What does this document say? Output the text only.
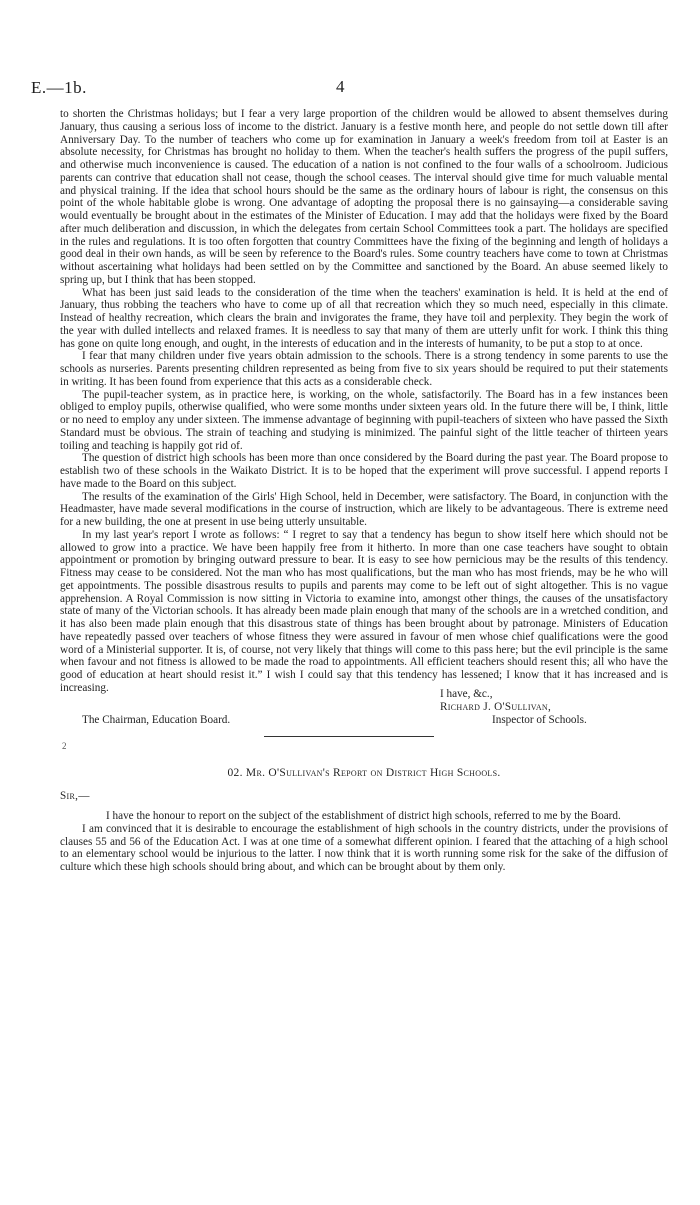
E.—1b.	4

to shorten the Christmas holidays; but I fear a very large proportion of the children would be allowed to absent themselves during January, thus causing a serious loss of income to the district. January is a festive month here, and people do not settle down till after Anniversary Day. To the number of teachers who come up for examination in January a week's freedom from toil at Easter is an absolute necessity, for Christmas has brought no holiday to them. When the teacher's health suffers the progress of the pupil suffers, and otherwise much inconvenience is caused. The education of a nation is not confined to the four walls of a schoolroom. Judicious parents can contrive that education shall not cease, though the school ceases. The interval should give time for much valuable mental and physical training. If the idea that school hours should be the same as the ordinary hours of labour is right, the consensus on this point of the whole habitable globe is wrong. One advantage of adopting the proposal there is no gainsaying—a considerable saving would eventually be brought about in the estimates of the Minister of Education. I may add that the holidays were fixed by the Board after much deliberation and discussion, in which the delegates from certain School Committees took a part. The holidays are specified in the rules and regulations. It is too often forgotten that country Committees have the fixing of the beginning and length of holidays a good deal in their own hands, as will be seen by reference to the Board's rules. Some country teachers have come to town at Christmas without ascertaining what holidays had been settled on by the Committee and sanctioned by the Board. An abuse seemed likely to spring up, but I think that has been stopped.

What has been just said leads to the consideration of the time when the teachers' examination is held. It is held at the end of January, thus robbing the teachers who have to come up of all that recreation which they so much need, especially in this climate. Instead of healthy recreation, which clears the brain and invigorates the frame, they have toil and perplexity. They begin the work of the year with dulled intellects and relaxed frames. It is needless to say that many of them are utterly unfit for work. I think this thing has gone on quite long enough, and ought, in the interests of education and in the interests of humanity, to be put a stop to at once.

I fear that many children under five years obtain admission to the schools. There is a strong tendency in some parents to use the schools as nurseries. Parents presenting children represented as being from five to six years should be required to put their statements in writing. It has been found from experience that this acts as a considerable check.

The pupil-teacher system, as in practice here, is working, on the whole, satisfactorily. The Board has in a few instances been obliged to employ pupils, otherwise qualified, who were some months under sixteen years old. In the future there will be, I think, little or no need to employ any under sixteen. The immense advantage of beginning with pupil-teachers of sixteen who have passed the Sixth Standard must be obvious. The strain of teaching and studying is minimized. The painful sight of the little teacher of thirteen years toiling and teaching is happily got rid of.

The question of district high schools has been more than once considered by the Board during the past year. The Board propose to establish two of these schools in the Waikato District. It is to be hoped that the experiment will prove successful. I append reports I have made to the Board on this subject.

The results of the examination of the Girls' High School, held in December, were satisfactory. The Board, in conjunction with the Headmaster, have made several modifications in the course of instruction, which are likely to be advantageous. There is extreme need for a new building, the one at present in use being utterly unsuitable.

In my last year's report I wrote as follows: “ I regret to say that a tendency has begun to show itself here which should not be allowed to grow into a practice. We have been happily free from it hitherto. In more than one case teachers have sought to obtain appointment or promotion by bringing outward pressure to bear. It is easy to see how pernicious may be the results of this tendency. Fitness may cease to be considered. Not the man who has most qualifications, but the man who has most friends, may be he who will get appointments. The possible disastrous results to pupils and parents may come to be left out of sight altogether. This is no vague apprehension. A Royal Commission is now sitting in Victoria to examine into, amongst other things, the causes of the unsatisfactory state of many of the Victorian schools. It has already been made plain enough that many of the schools are in a wretched condition, and it has also been made plain enough that this disastrous state of things has been brought about by patronage. Ministers of Education have repeatedly passed over teachers of whose fitness they were assured in favour of men whose chief qualifications were the good word of a Ministerial supporter. It is, of course, not very likely that things will come to this pass here; but the evil principle is the same when favour and not fitness is allowed to be made the road to appointments. All efficient teachers should resent this; all who have the good of education at heart should resist it.” I wish I could say that this tendency has lessened; I know that it has increased and is increasing.

I have, &c.,
Richard J. O'Sullivan,
The Chairman, Education Board.	Inspector of Schools.
2
02. Mr. O'Sullivan's Report on District High Schools.
Sir,—

I have the honour to report on the subject of the establishment of district high schools, referred to me by the Board.

I am convinced that it is desirable to encourage the establishment of high schools in the country districts, under the provisions of clauses 55 and 56 of the Education Act. I was at one time of a somewhat different opinion. I feared that the attaching of a high school to an elementary school would be injurious to the latter. I now think that it is worth running some risk for the sake of the diffusion of culture which these high schools should bring about, and which can be brought about by them only.
